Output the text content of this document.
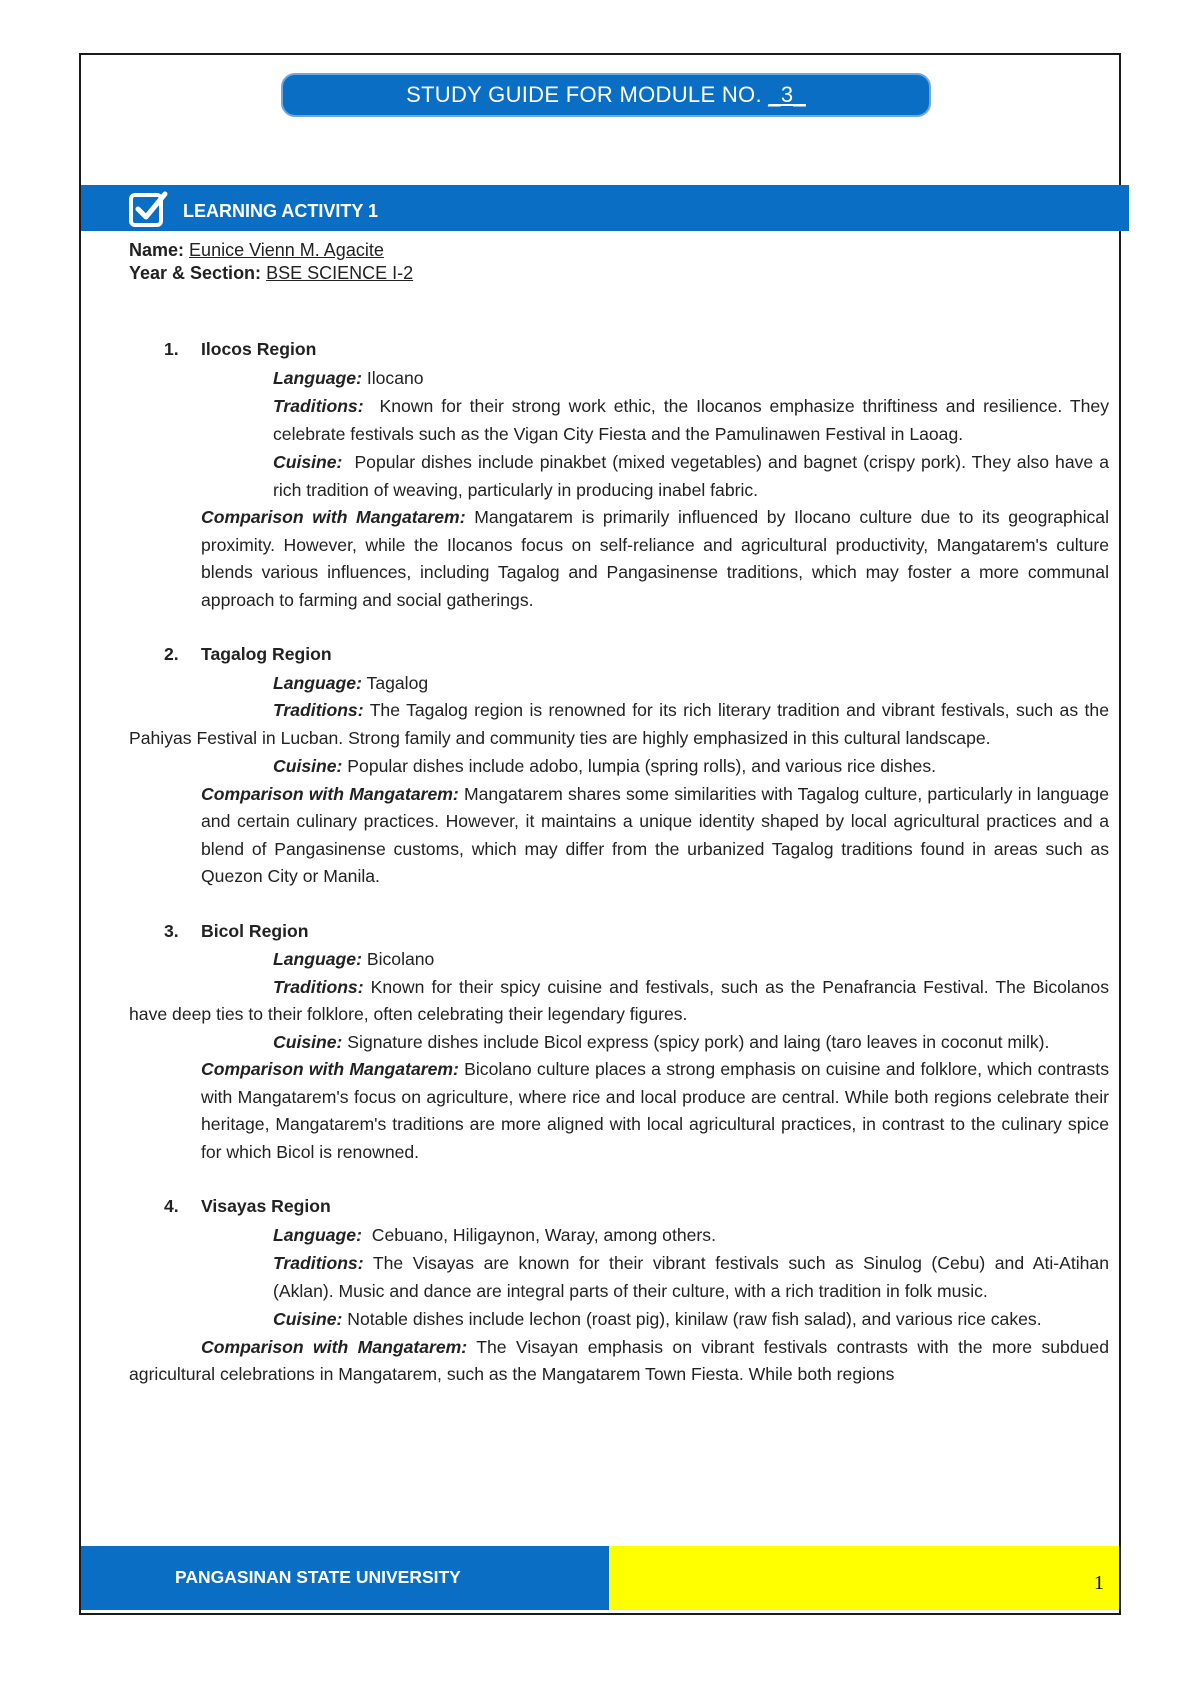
STUDY GUIDE FOR MODULE NO. _3_
LEARNING ACTIVITY 1
Name: Eunice Vienn M. Agacite
Year & Section: BSE SCIENCE I-2
1.	Ilocos Region
Language: Ilocano
Traditions: Known for their strong work ethic, the Ilocanos emphasize thriftiness and resilience. They celebrate festivals such as the Vigan City Fiesta and the Pamulinawen Festival in Laoag.
Cuisine: Popular dishes include pinakbet (mixed vegetables) and bagnet (crispy pork). They also have a rich tradition of weaving, particularly in producing inabel fabric.
Comparison with Mangatarem: Mangatarem is primarily influenced by Ilocano culture due to its geographical proximity. However, while the Ilocanos focus on self-reliance and agricultural productivity, Mangatarem's culture blends various influences, including Tagalog and Pangasinense traditions, which may foster a more communal approach to farming and social gatherings.
2.	Tagalog Region
Language: Tagalog
Traditions: The Tagalog region is renowned for its rich literary tradition and vibrant festivals, such as the Pahiyas Festival in Lucban. Strong family and community ties are highly emphasized in this cultural landscape.
Cuisine: Popular dishes include adobo, lumpia (spring rolls), and various rice dishes.
Comparison with Mangatarem: Mangatarem shares some similarities with Tagalog culture, particularly in language and certain culinary practices. However, it maintains a unique identity shaped by local agricultural practices and a blend of Pangasinense customs, which may differ from the urbanized Tagalog traditions found in areas such as Quezon City or Manila.
3.	Bicol Region
Language: Bicolano
Traditions: Known for their spicy cuisine and festivals, such as the Penafrancia Festival. The Bicolanos have deep ties to their folklore, often celebrating their legendary figures.
Cuisine: Signature dishes include Bicol express (spicy pork) and laing (taro leaves in coconut milk).
Comparison with Mangatarem: Bicolano culture places a strong emphasis on cuisine and folklore, which contrasts with Mangatarem's focus on agriculture, where rice and local produce are central. While both regions celebrate their heritage, Mangatarem's traditions are more aligned with local agricultural practices, in contrast to the culinary spice for which Bicol is renowned.
4.	Visayas Region
Language: Cebuano, Hiligaynon, Waray, among others.
Traditions: The Visayas are known for their vibrant festivals such as Sinulog (Cebu) and Ati-Atihan (Aklan). Music and dance are integral parts of their culture, with a rich tradition in folk music.
Cuisine: Notable dishes include lechon (roast pig), kinilaw (raw fish salad), and various rice cakes.
Comparison with Mangatarem: The Visayan emphasis on vibrant festivals contrasts with the more subdued agricultural celebrations in Mangatarem, such as the Mangatarem Town Fiesta. While both regions
PANGASINAN STATE UNIVERSITY	1
